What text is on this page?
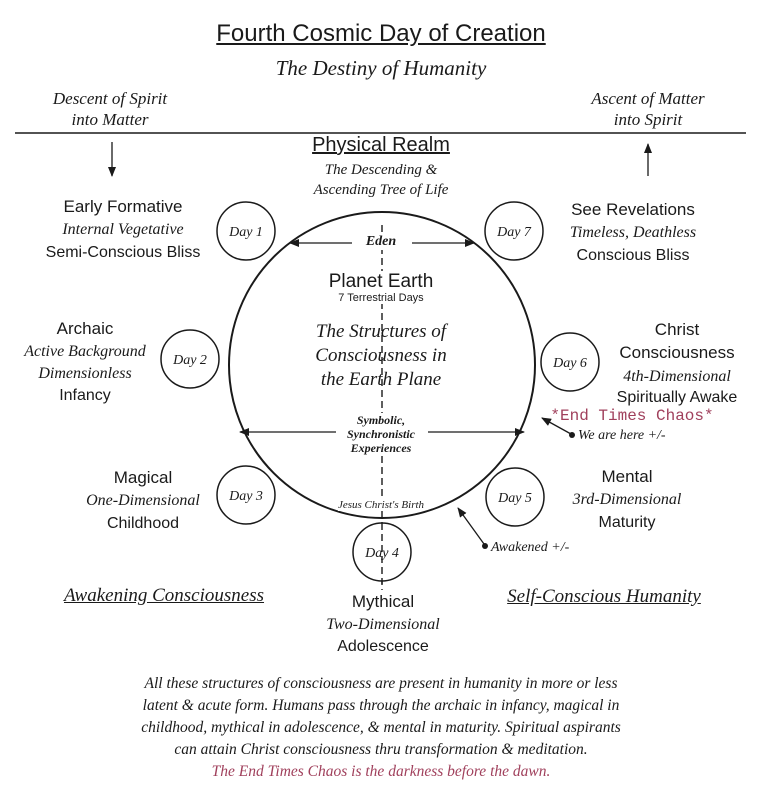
Day 1
Day 2
Day 3
Day 4
Day 5
Day 6
Day 7
Fourth Cosmic Day of Creation
The Destiny of Humanity
Descent of Spirit
into Matter
Ascent of Matter
into Spirit
Physical Realm
The Descending &
Ascending Tree of Life
Eden
Planet Earth
7 Terrestrial Days
The Structures of
Consciousness in
the Earth Plane
Symbolic,
Synchronistic
Experiences
Jesus Christ's Birth
Early Formative
Internal Vegetative
Semi-Conscious Bliss
Archaic
Active Background
Dimensionless
Infancy
Magical
One-Dimensional
Childhood
Mythical
Two-Dimensional
Adolescence
Mental
3rd-Dimensional
Maturity
Christ
Consciousness
4th-Dimensional
Spiritually Awake
See Revelations
Timeless, Deathless
Conscious Bliss
*End Times Chaos*
We are here +/-
Awakened +/-
Awakening Consciousness	Self-Conscious Humanity
All these structures of consciousness are present in humanity in more or less
latent & acute form. Humans pass through the archaic in infancy, magical in
childhood, mythical in adolescence, & mental in maturity. Spiritual aspirants
can attain Christ consciousness thru transformation & meditation.
The End Times Chaos is the darkness before the dawn.
